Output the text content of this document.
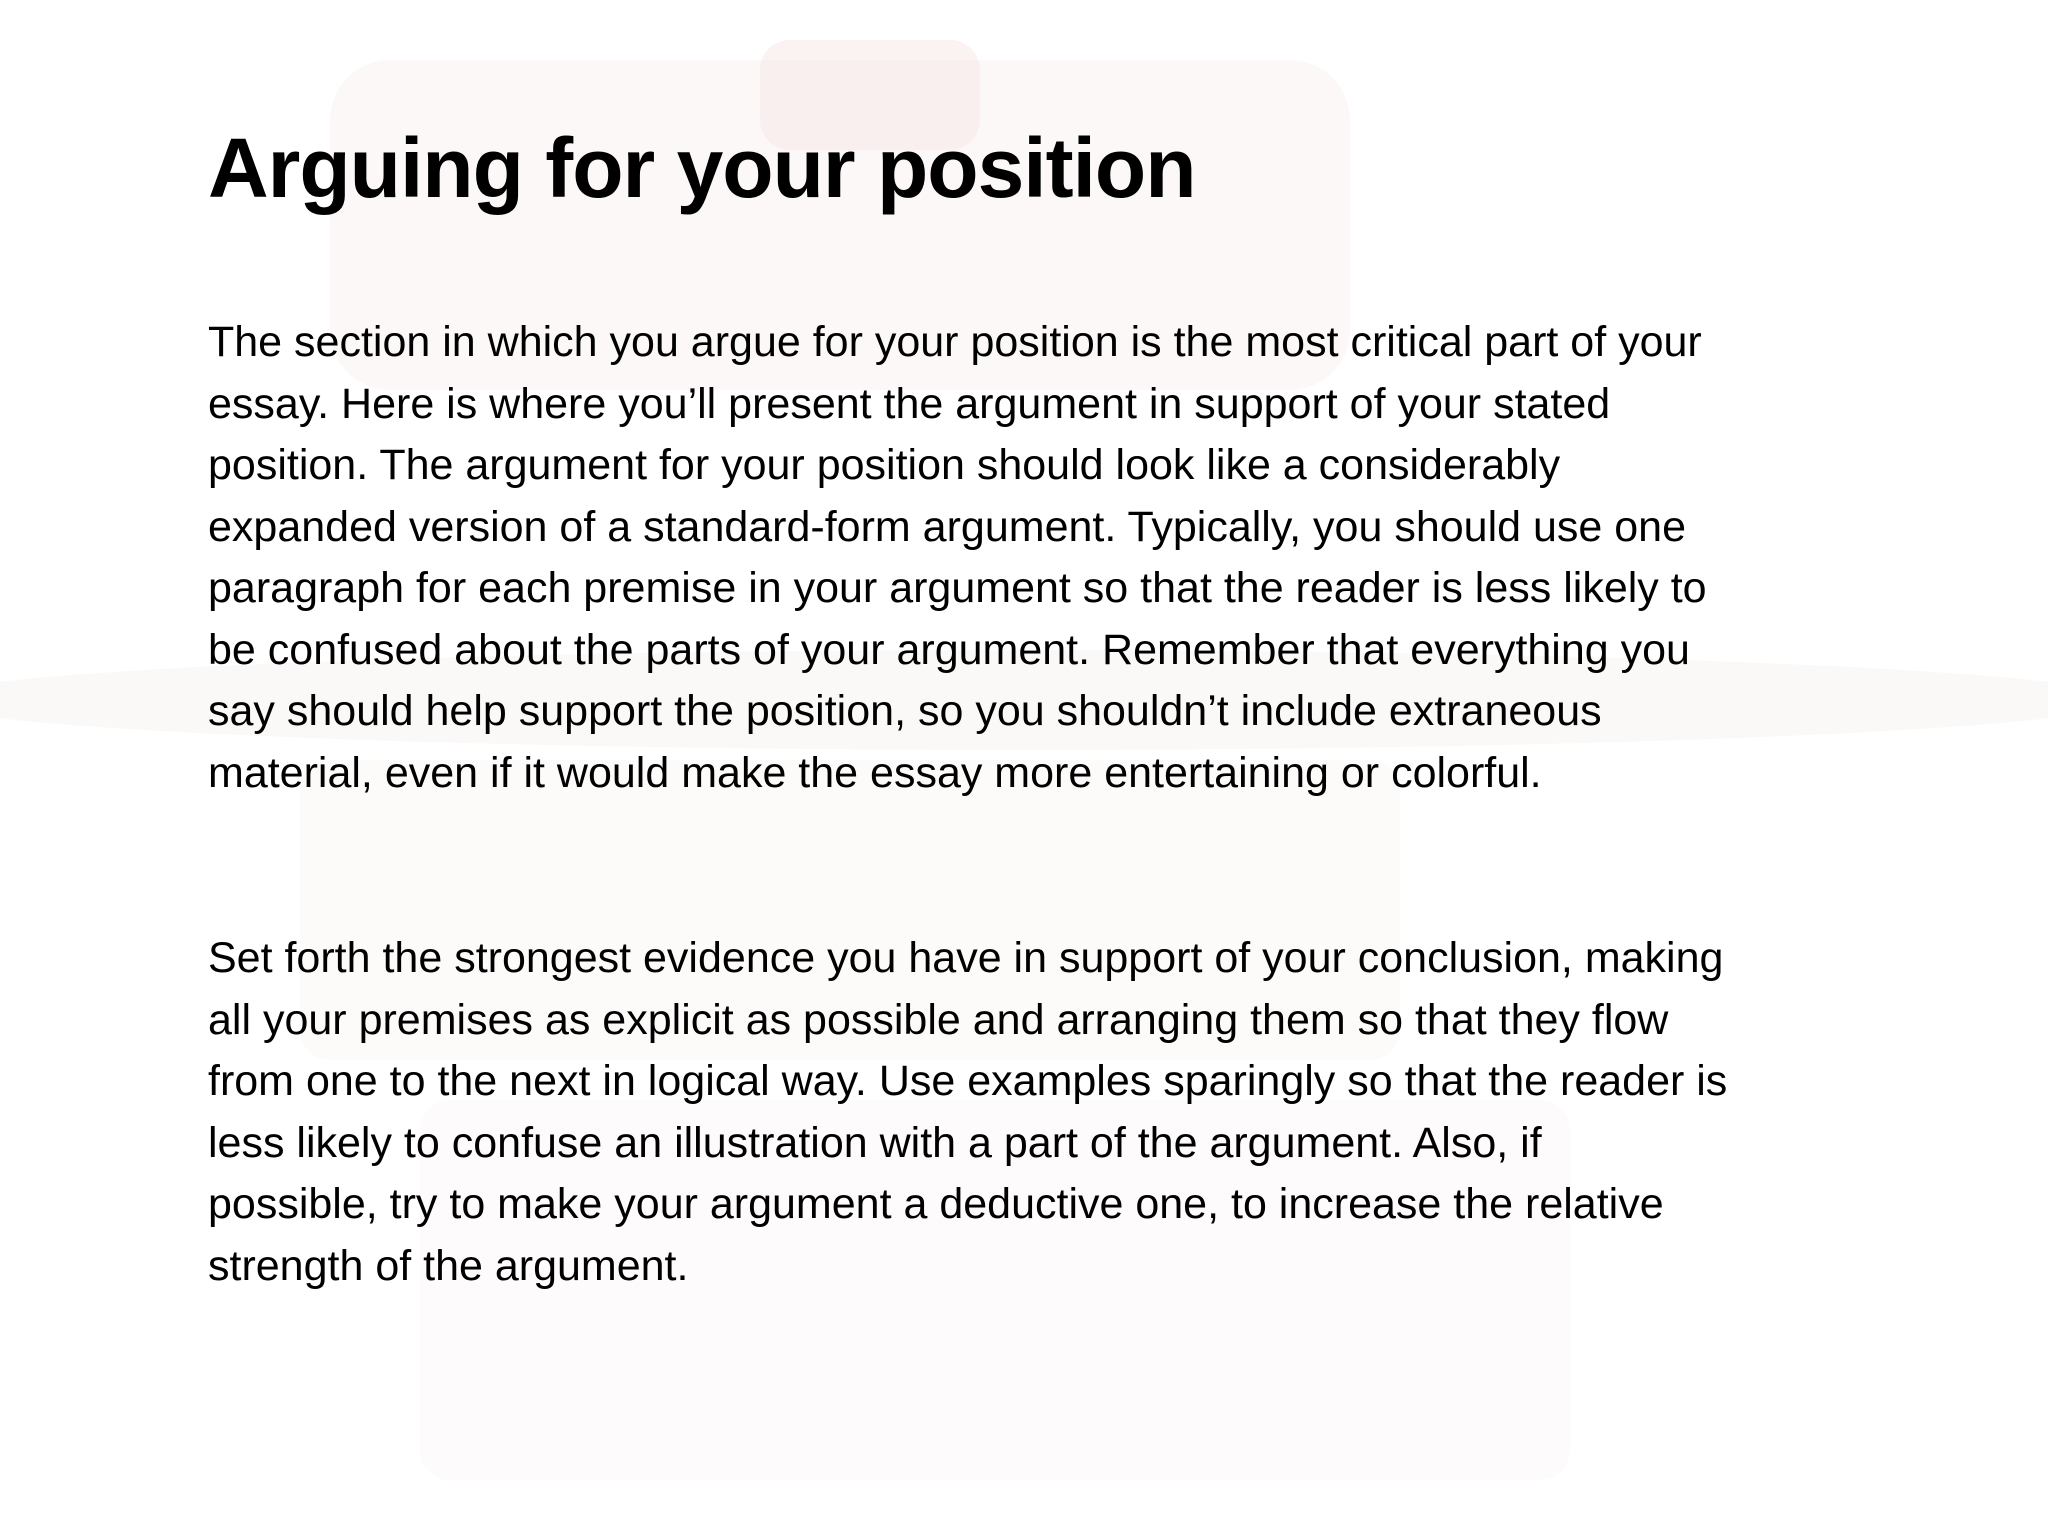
Arguing for your position

The section in which you argue for your position is the most critical part of your
essay. Here is where you’ll present the argument in support of your stated
position. The argument for your position should look like a considerably
expanded version of a standard-form argument. Typically, you should use one
paragraph for each premise in your argument so that the reader is less likely to
be confused about the parts of your argument. Remember that everything you
say should help support the position, so you shouldn’t include extraneous
material, even if it would make the essay more entertaining or colorful.

Set forth the strongest evidence you have in support of your conclusion, making
all your premises as explicit as possible and arranging them so that they flow
from one to the next in logical way. Use examples sparingly so that the reader is
less likely to confuse an illustration with a part of the argument. Also, if
possible, try to make your argument a deductive one, to increase the relative
strength of the argument.
